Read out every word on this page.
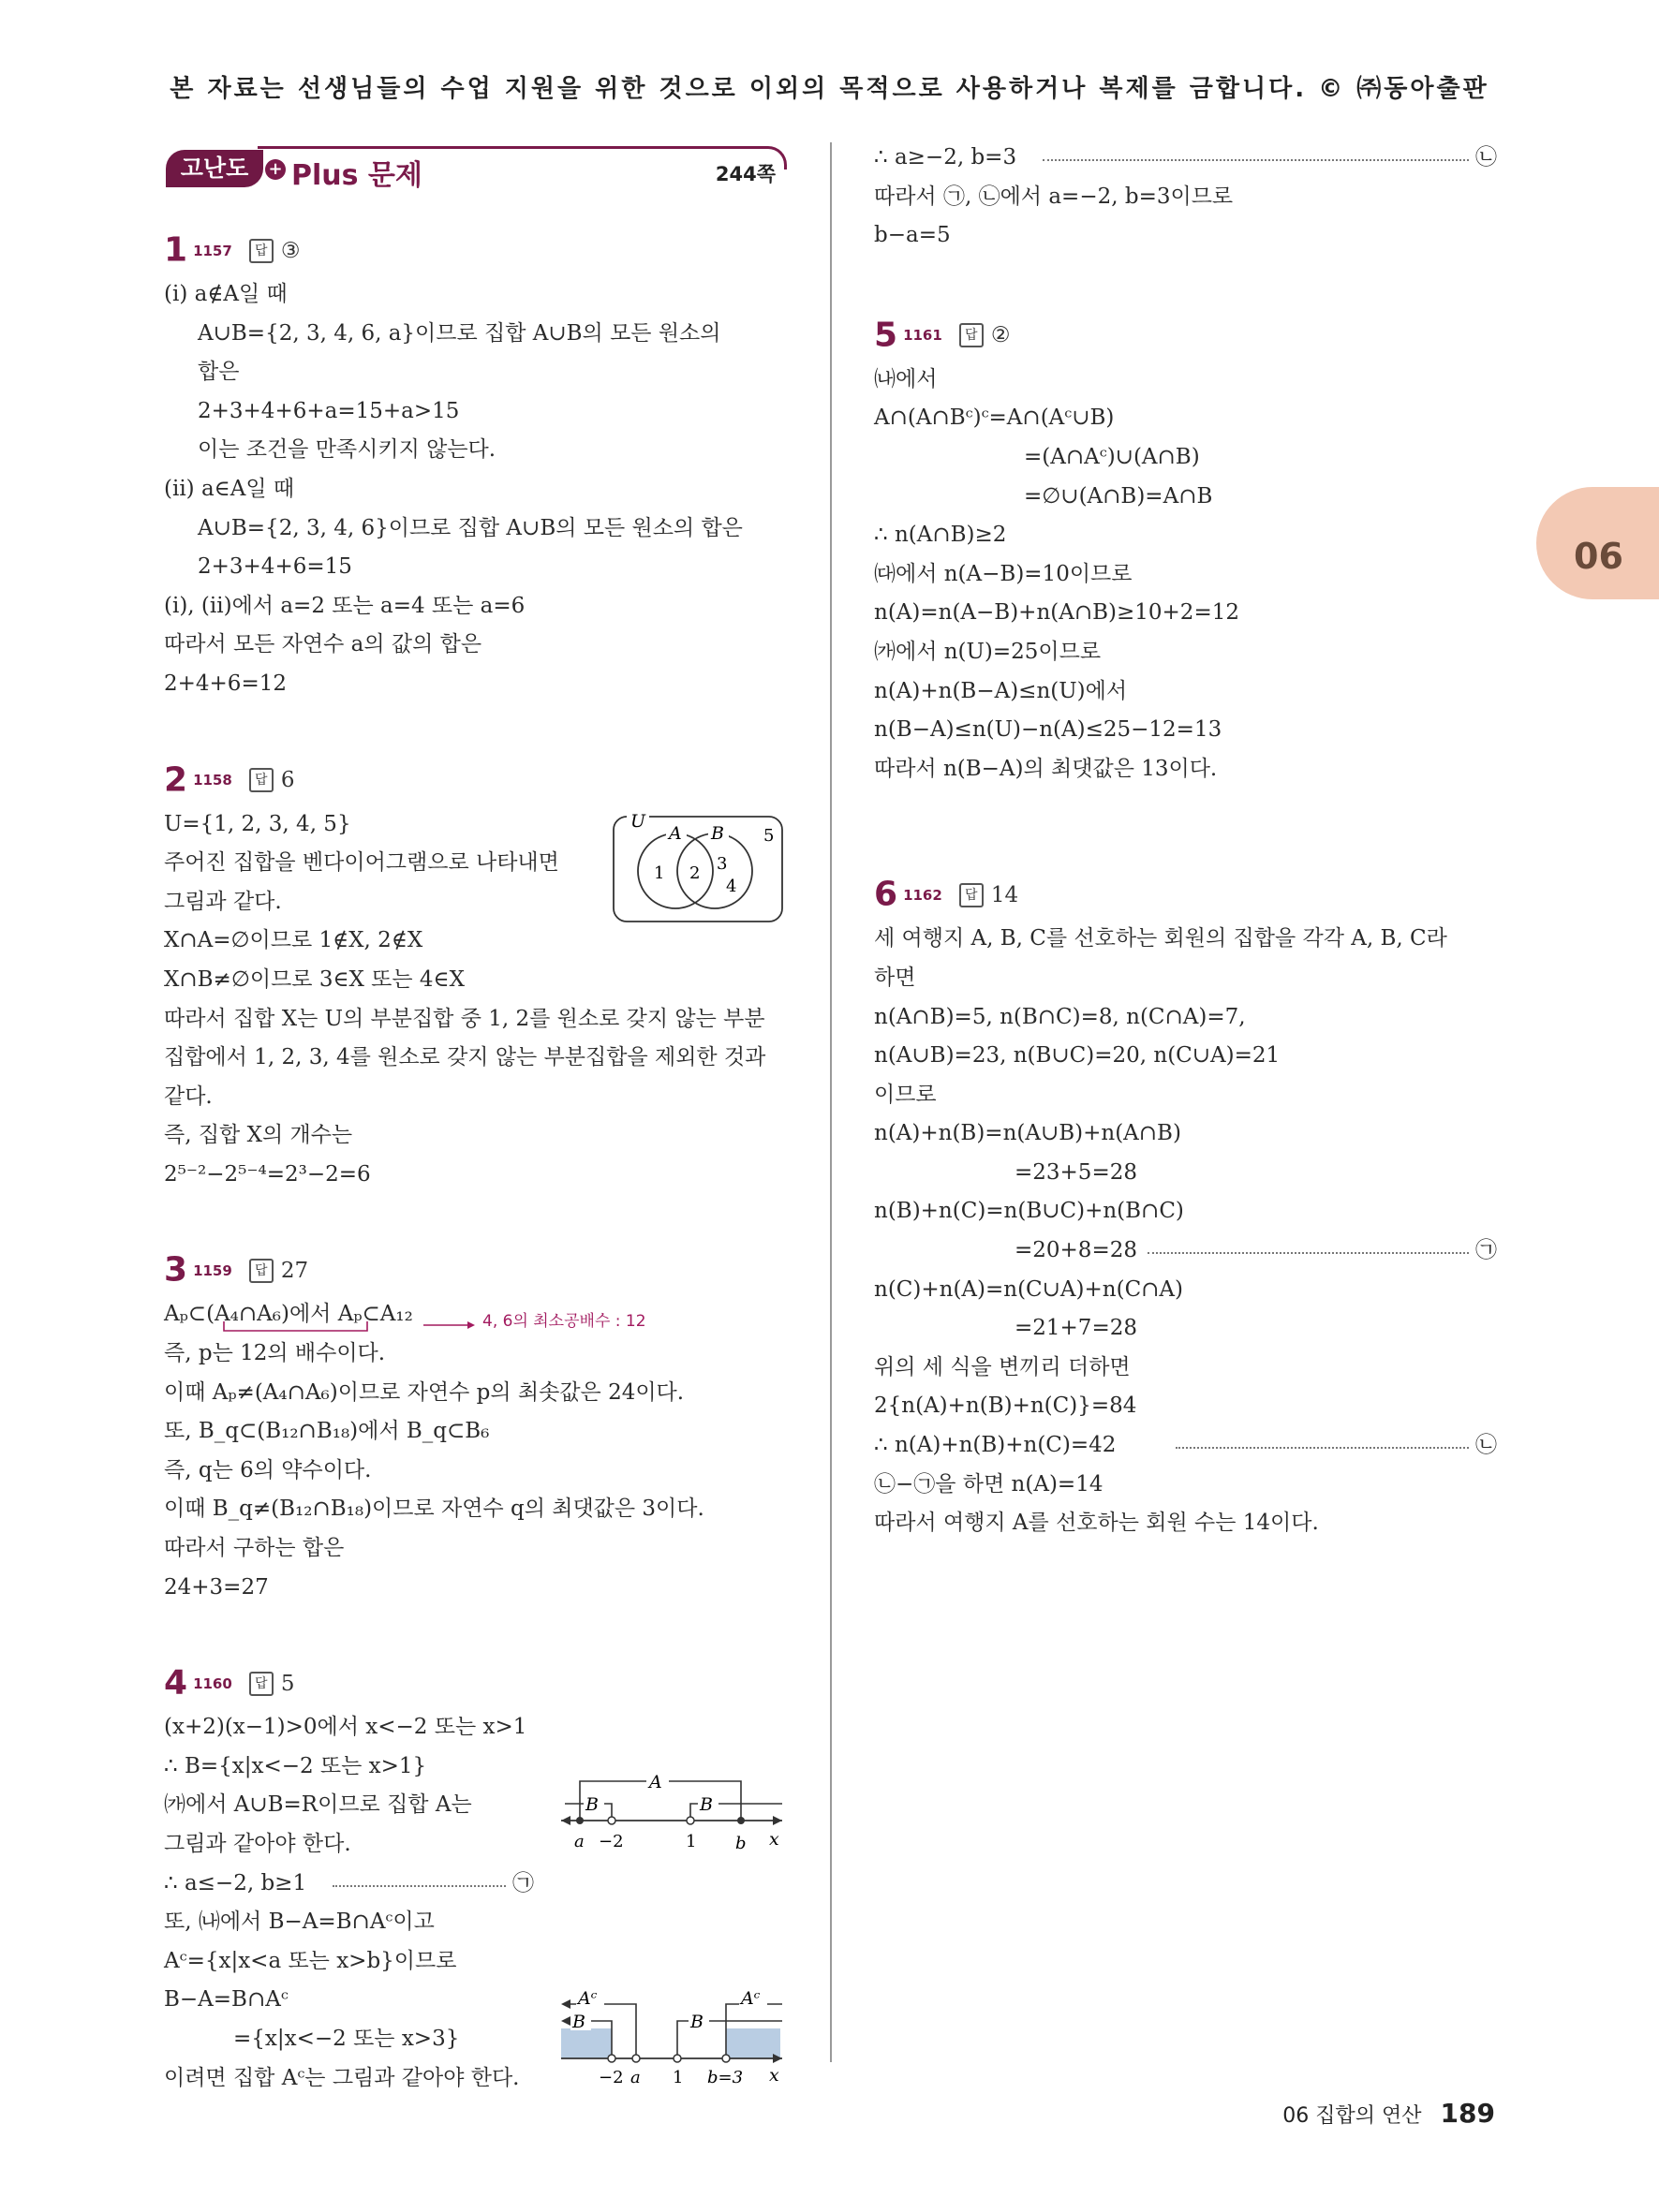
본 자료는 선생님들의 수업 지원을 위한 것으로 이외의 목적으로 사용하거나 복제를 금합니다. © ㈜동아출판
06
고난도	+ Plus 문제	244쪽
1 1157 답 ③
(i) a∉A일 때
A∪B={2, 3, 4, 6, a}이므로 집합 A∪B의 모든 원소의
합은
2+3+4+6+a=15+a>15
이는 조건을 만족시키지 않는다.
(ii) a∈A일 때
A∪B={2, 3, 4, 6}이므로 집합 A∪B의 모든 원소의 합은
2+3+4+6=15
(i), (ii)에서 a=2 또는 a=4 또는 a=6
따라서 모든 자연수 a의 값의 합은
2+4+6=12
2 1158 답 6
U={1, 2, 3, 4, 5}
주어진 집합을 벤다이어그램으로 나타내면
그림과 같다.
X∩A=∅이므로 1∉X, 2∉X
X∩B≠∅이므로 3∈X 또는 4∈X
따라서 집합 X는 U의 부분집합 중 1, 2를 원소로 갖지 않는 부분
집합에서 1, 2, 3, 4를 원소로 갖지 않는 부분집합을 제외한 것과
같다.
즉, 집합 X의 개수는
2⁵⁻²−2⁵⁻⁴=2³−2=6
U
A B
1 2 3
4
5
3 1159 답 27
Aₚ⊂(A₄∩A₆)에서 Aₚ⊂A₁₂	4, 6의 최소공배수 : 12
즉, p는 12의 배수이다.
이때 Aₚ≠(A₄∩A₆)이므로 자연수 p의 최솟값은 24이다.
또, B_q⊂(B₁₂∩B₁₈)에서 B_q⊂B₆
즉, q는 6의 약수이다.
이때 B_q≠(B₁₂∩B₁₈)이므로 자연수 q의 최댓값은 3이다.
따라서 구하는 합은
24+3=27
4 1160 답 5
(x+2)(x−1)>0에서 x<−2 또는 x>1
∴ B={x|x<−2 또는 x>1}
㈎에서 A∪B=R이므로 집합 A는
그림과 같아야 한다.
∴ a≤−2, b≥1	㉠
또, ㈏에서 B−A=B∩Aᶜ이고
Aᶜ={x|x<a 또는 x>b}이므로
B−A=B∩Aᶜ
={x|x<−2 또는 x>3}
이려면 집합 Aᶜ는 그림과 같아야 한다.
A
B	B
a −2	1 b x
Aᶜ	Aᶜ
B	B
−2 a 1 b=3 x
∴ a≥−2, b=3	㉡
따라서 ㉠, ㉡에서 a=−2, b=3이므로
b−a=5
5 1161 답 ②
㈏에서
A∩(A∩Bᶜ)ᶜ=A∩(Aᶜ∪B)
=(A∩Aᶜ)∪(A∩B)
=∅∪(A∩B)=A∩B
∴ n(A∩B)≥2
㈐에서 n(A−B)=10이므로
n(A)=n(A−B)+n(A∩B)≥10+2=12
㈎에서 n(U)=25이므로
n(A)+n(B−A)≤n(U)에서
n(B−A)≤n(U)−n(A)≤25−12=13
따라서 n(B−A)의 최댓값은 13이다.
6 1162 답 14
세 여행지 A, B, C를 선호하는 회원의 집합을 각각 A, B, C라
하면
n(A∩B)=5, n(B∩C)=8, n(C∩A)=7,
n(A∪B)=23, n(B∪C)=20, n(C∪A)=21
이므로
n(A)+n(B)=n(A∪B)+n(A∩B)
=23+5=28
n(B)+n(C)=n(B∪C)+n(B∩C)
=20+8=28	㉠
n(C)+n(A)=n(C∪A)+n(C∩A)
=21+7=28
위의 세 식을 변끼리 더하면
2{n(A)+n(B)+n(C)}=84
∴ n(A)+n(B)+n(C)=42	㉡
㉡−㉠을 하면 n(A)=14
따라서 여행지 A를 선호하는 회원 수는 14이다.
06 집합의 연산 189
